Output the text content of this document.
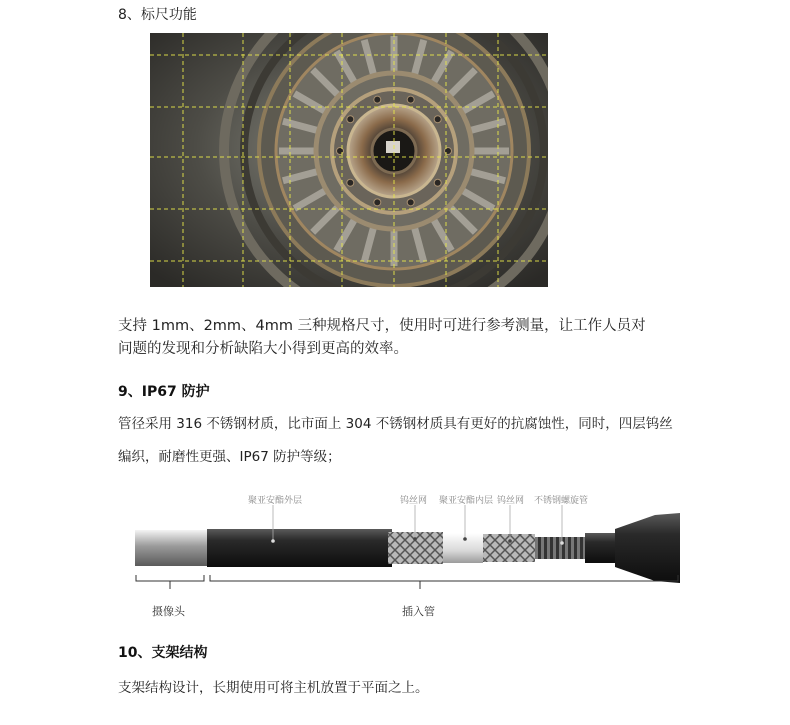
8、标尺功能
支持 1mm、2mm、4mm 三种规格尺寸，使用时可进行参考测量，让工作人员对
问题的发现和分析缺陷大小得到更高的效率。
9、IP67 防护
管径采用 316 不锈钢材质，比市面上 304 不锈钢材质具有更好的抗腐蚀性，同时，四层钨丝
编织，耐磨性更强、IP67 防护等级；
聚亚安酯外层	钨丝网 聚亚安酯内层 钨丝网 不锈钢螺旋管
摄像头	插入管
10、支架结构
支架结构设计，长期使用可将主机放置于平面之上。
